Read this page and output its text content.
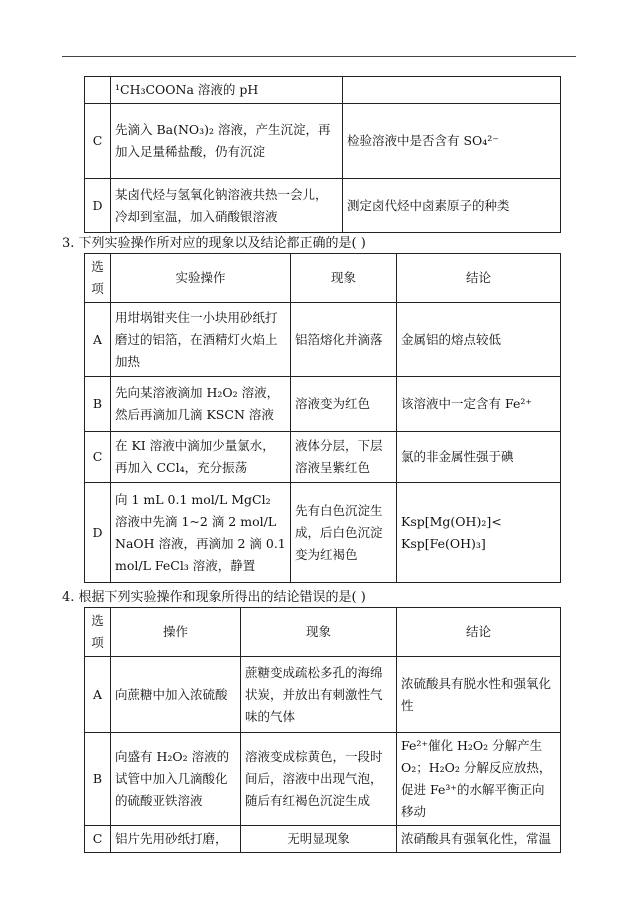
	¹CH₃COONa 溶液的 pH	
C	先滴入 Ba(NO₃)₂ 溶液，产生沉淀，再加入足量稀盐酸，仍有沉淀	检验溶液中是否含有 SO₄²⁻
D	某卤代烃与氢氧化钠溶液共热一会儿，冷却到室温，加入硝酸银溶液	测定卤代烃中卤素原子的种类
3. 下列实验操作所对应的现象以及结论都正确的是( )
选项	实验操作	现象	结论
A	用坩埚钳夹住一小块用砂纸打磨过的铝箔，在酒精灯火焰上加热	铝箔熔化并滴落	金属铝的熔点较低
B	先向某溶液滴加 H₂O₂ 溶液，然后再滴加几滴 KSCN 溶液	溶液变为红色	该溶液中一定含有 Fe²⁺
C	在 KI 溶液中滴加少量氯水，再加入 CCl₄，充分振荡	液体分层，下层溶液呈紫红色	氯的非金属性强于碘
D	向 1 mL 0.1 mol/L MgCl₂ 溶液中先滴 1~2 滴 2 mol/L NaOH 溶液，再滴加 2 滴 0.1 mol/L FeCl₃ 溶液，静置	先有白色沉淀生成，后白色沉淀变为红褐色	Ksp[Mg(OH)₂]< Ksp[Fe(OH)₃]
4. 根据下列实验操作和现象所得出的结论错误的是( )
选项	操作	现象	结论
A	向蔗糖中加入浓硫酸	蔗糖变成疏松多孔的海绵状炭，并放出有刺激性气味的气体	浓硫酸具有脱水性和强氧化性
B	向盛有 H₂O₂ 溶液的试管中加入几滴酸化的硫酸亚铁溶液	溶液变成棕黄色，一段时间后，溶液中出现气泡，随后有红褐色沉淀生成	Fe²⁺催化 H₂O₂ 分解产生 O₂；H₂O₂ 分解反应放热，促进 Fe³⁺的水解平衡正向移动
C	铝片先用砂纸打磨，	无明显现象	浓硝酸具有强氧化性，常温
